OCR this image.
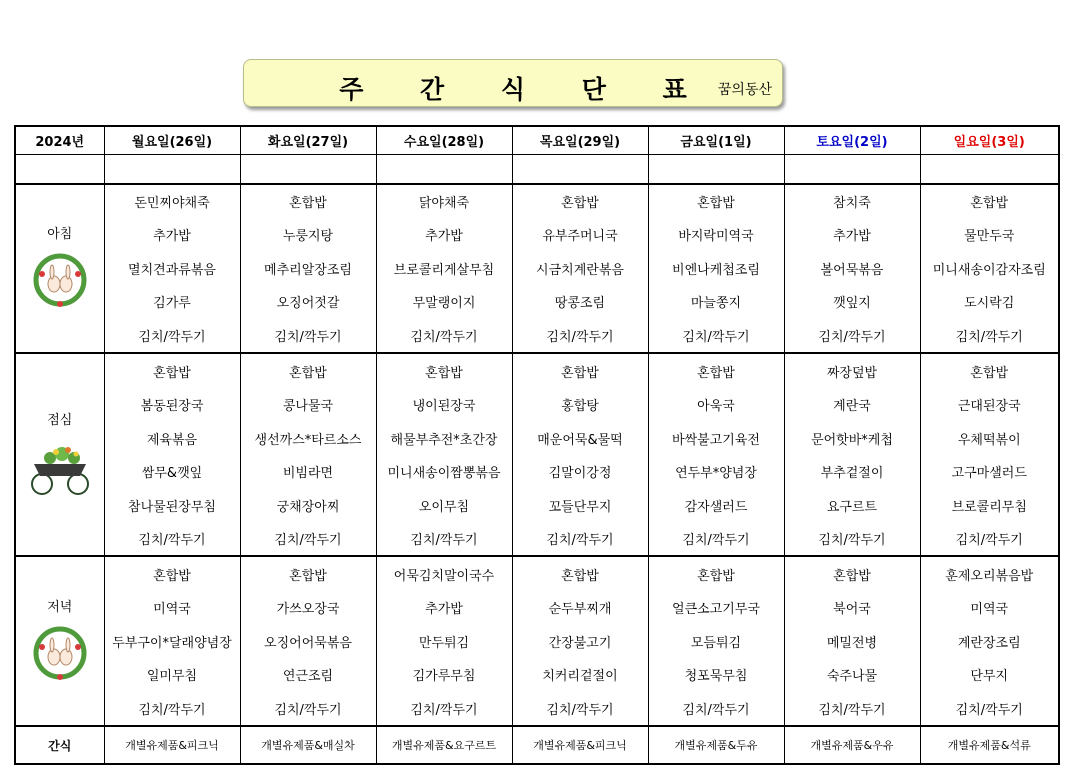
주 간 식 단 표 꿈의동산
2024년	월요일(26일)	화요일(27일)	수요일(28일)	목요일(29일)	금요일(1일)	토요일(2일)	일요일(3일)

아침	돈민찌야채죽	혼합밥	닭야채죽	혼합밥	혼합밥	참치죽	혼합밥
	추가밥	누룽지탕	추가밥	유부주머니국	바지락미역국	추가밥	물만두국
	멸치견과류볶음	메추리알장조림	브로콜리게살무침	시금치계란볶음	비엔나케첩조림	볼어묵볶음	미니새송이감자조림
	김가루	오징어젓갈	무말랭이지	땅콩조림	마늘쫑지	깻잎지	도시락김
	김치/깍두기	김치/깍두기	김치/깍두기	김치/깍두기	김치/깍두기	김치/깍두기	김치/깍두기

점심	혼합밥	혼합밥	혼합밥	혼합밥	혼합밥	짜장덮밥	혼합밥
	봄동된장국	콩나물국	냉이된장국	홍합탕	아욱국	계란국	근대된장국
	제육볶음	생선까스*타르소스	해물부추전*초간장	매운어묵&물떡	바싹불고기육전	문어핫바*케첩	우체떡볶이
	쌈무&깻잎	비빔라면	미니새송이짬뽕볶음	김말이강정	연두부*양념장	부추겉절이	고구마샐러드
	참나물된장무침	궁채장아찌	오이무침	꼬들단무지	감자샐러드	요구르트	브로콜리무침
	김치/깍두기	김치/깍두기	김치/깍두기	김치/깍두기	김치/깍두기	김치/깍두기	김치/깍두기

저녁	혼합밥	혼합밥	어묵김치말이국수	혼합밥	혼합밥	혼합밥	훈제오리볶음밥
	미역국	가쓰오장국	추가밥	순두부찌개	얼큰소고기무국	북어국	미역국
	두부구이*달래양념장	오징어어묵볶음	만두튀김	간장불고기	모듬튀김	메밀전병	계란장조림
	일미무침	연근조림	김가루무침	치커리겉절이	청포묵무침	숙주나물	단무지
	김치/깍두기	김치/깍두기	김치/깍두기	김치/깍두기	김치/깍두기	김치/깍두기	김치/깍두기
간식	개별유제품&피크닉	개별유제품&매실차	개별유제품&요구르트	개별유제품&피크닉	개별유제품&두유	개별유제품&우유	개별유제품&석류
